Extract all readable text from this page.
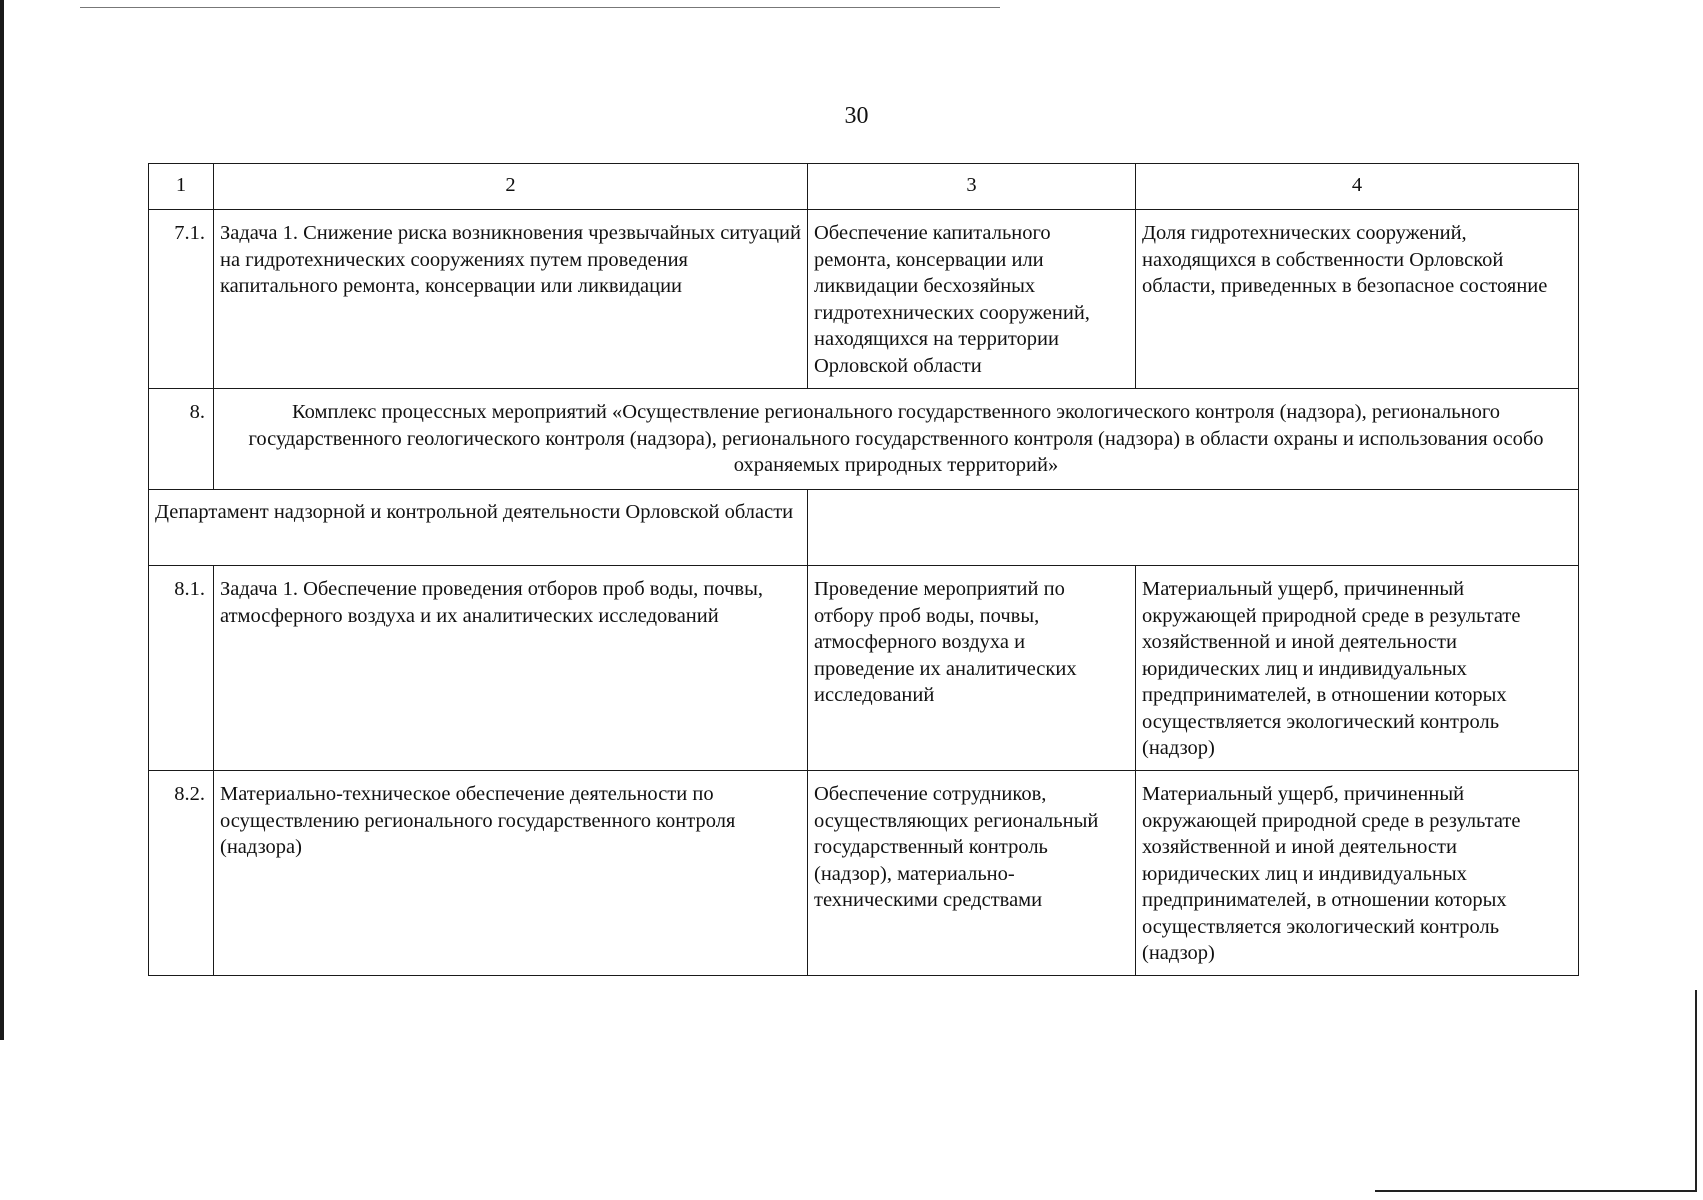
30
1	2	3	4
7.1.	Задача 1. Снижение риска возникновения чрезвычайных ситуаций на гидротехнических сооружениях путем проведения капитального ремонта, консервации или ликвидации	Обеспечение капитального ремонта, консервации или ликвидации бесхозяйных гидротехнических сооружений, находящихся на территории Орловской области	Доля гидротехнических сооружений, находящихся в собственности Орловской области, приведенных в безопасное состояние
8.	Комплекс процессных мероприятий «Осуществление регионального государственного экологического контроля (надзора), регионального государственного геологического контроля (надзора), регионального государственного контроля (надзора) в области охраны и использования особо охраняемых природных территорий»		
Департамент надзорной и контрольной деятельности Орловской области			
8.1.	Задача 1. Обеспечение проведения отборов проб воды, почвы, атмосферного воздуха и их аналитических исследований	Проведение мероприятий по отбору проб воды, почвы, атмосферного воздуха и проведение их аналитических исследований	Материальный ущерб, причиненный окружающей природной среде в результате хозяйственной и иной деятельности юридических лиц и индивидуальных предпринимателей, в отношении которых осуществляется экологический контроль (надзор)
8.2.	Материально-техническое обеспечение деятельности по осуществлению регионального государственного контроля (надзора)	Обеспечение сотрудников, осуществляющих региональный государственный контроль (надзор), материально-техническими средствами	Материальный ущерб, причиненный окружающей природной среде в результате хозяйственной и иной деятельности юридических лиц и индивидуальных предпринимателей, в отношении которых осуществляется экологический контроль (надзор)
